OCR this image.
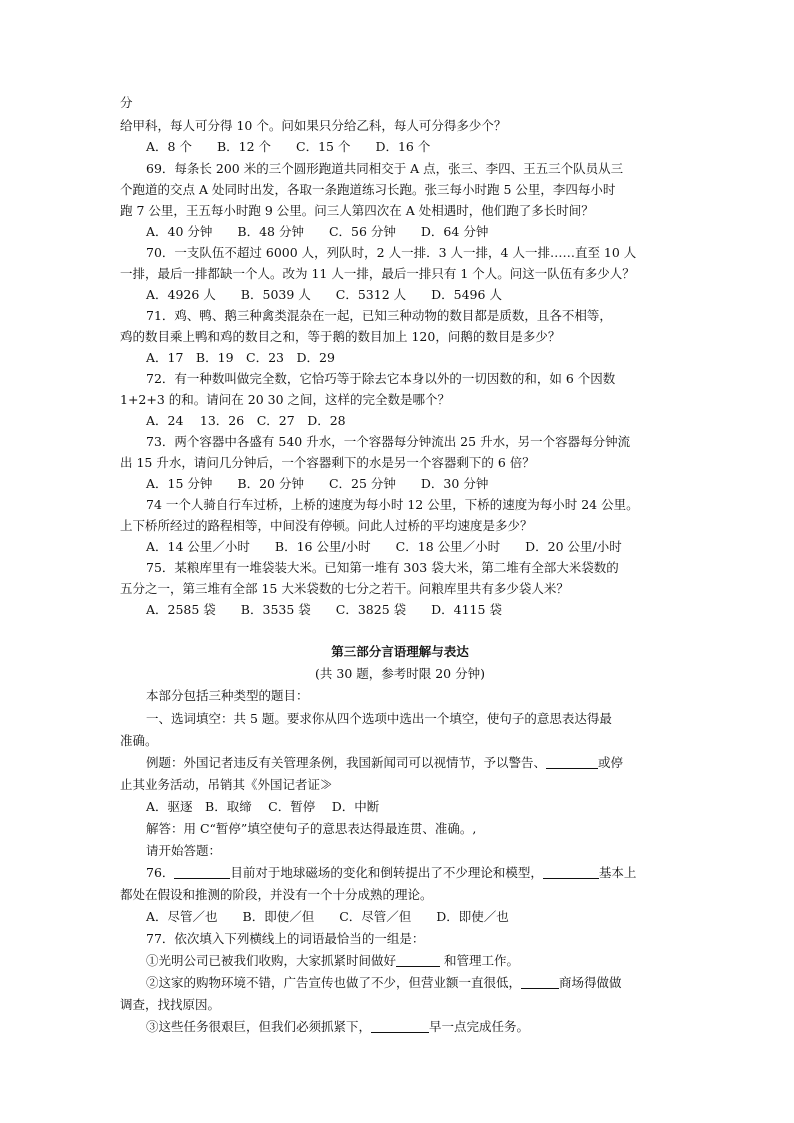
分
给甲科，每人可分得 10 个。问如果只分给乙科，每人可分得多少个？
A．8 个　　B．12 个　　C．15 个　　D．16 个
69．每条长 200 米的三个圆形跑道共同相交于 A 点，张三、李四、王五三个队员从三
个跑道的交点 A 处同时出发，各取一条跑道练习长跑。张三每小时跑 5 公里，李四每小时
跑 7 公里，王五每小时跑 9 公里。问三人第四次在 A 处相遇时，他们跑了多长时间？
A．40 分钟　　B．48 分钟　　C．56 分钟　　D．64 分钟
70．一支队伍不超过 6000 人，列队时，2 人一排．3 人一排，4 人一排……直至 10 人
一排，最后一排都缺一个人。改为 11 人一排，最后一排只有 1 个人。问这一队伍有多少人？
A．4926 人　　B．5039 人　　C．5312 人　　D．5496 人
71．鸡、鸭、鹅三种禽类混杂在一起，已知三种动物的数目都是质数，且各不相等，
鸡的数目乘上鸭和鸡的数目之和，等于鹅的数目加上 120，问鹅的数目是多少？
A．17　B．19　C．23　D．29
72．有一种数叫做完全数，它恰巧等于除去它本身以外的一切因数的和，如 6 个因数
1+2+3 的和。请问在 20 30 之间，这样的完全数是哪个？
A．24　 13．26　C．27　D．28
73．两个容器中各盛有 540 升水，一个容器每分钟流出 25 升水，另一个容器每分钟流
出 15 升水，请问几分钟后，一个容器剩下的水是另一个容器剩下的 6 倍？
A．15 分钟　　B．20 分钟　　C．25 分钟　　D．30 分钟
74 一个人骑自行车过桥，上桥的速度为每小时 12 公里，下桥的速度为每小时 24 公里。
上下桥所经过的路程相等，中间没有停顿。问此人过桥的平均速度是多少？
A．14 公里／小时　　B．16 公里/小时　　C．18 公里／小时　　D．20 公里/小时
75．某粮库里有一堆袋装大米。已知第一堆有 303 袋大米，第二堆有全部大米袋数的
五分之一，第三堆有全部 15 大米袋数的七分之若干。问粮库里共有多少袋人米？
A．2585 袋　　B．3535 袋　　C．3825 袋　　D．4115 袋
第三部分言语理解与表达
(共 30 题，参考时限 20 分钟)
本部分包括三种类型的题目：
一、选词填空：共 5 题。要求你从四个选项中选出一个填空，使句子的意思表达得最
准确。
例题：外国记者违反有关管理条例，我国新闻司可以视情节，予以警告、	或停
止其业务活动，吊销其《外国记者证≫
A．驱逐　B．取缔　 C．暂停　 D．中断
解答：用 C“暂停”填空使句子的意思表达得最连贯、准确。,
请开始答题：
76．	目前对于地球磁场的变化和倒转提出了不少理论和模型，	基本上
都处在假设和推测的阶段，并没有一个十分成熟的理论。
A．尽管／也　　B．即使／但　　C．尽管／但　　D．即使／也
77．依次填入下列横线上的词语最恰当的一组是：
①光明公司已被我们收购，大家抓紧时间做好	和管理工作。
②这家的购物环境不错，广告宣传也做了不少，但营业额一直很低，	商场得做做
调查，找找原因。
③这些任务很艰巨，但我们必须抓紧下，	早一点完成任务。
